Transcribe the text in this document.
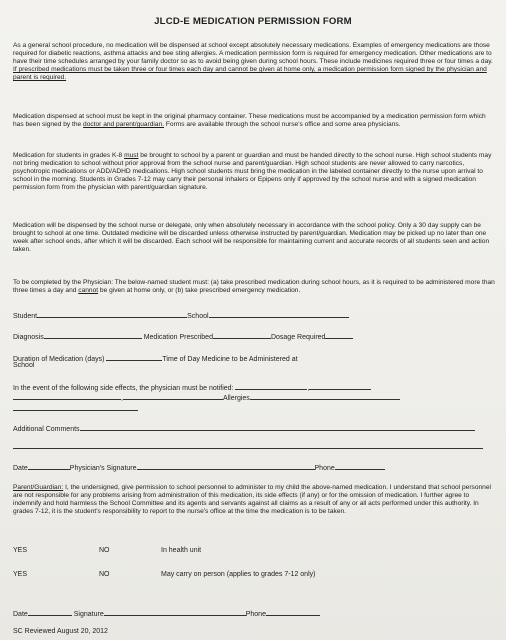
JLCD-E MEDICATION PERMISSION FORM
As a general school procedure, no medication will be dispensed at school except absolutely necessary medications. Examples of emergency medications are those required for diabetic reactions, asthma attacks and bee sting allergies. A medication permission form is required for emergency medication. Other medications are to have their time schedules arranged by your family doctor so as to avoid being given during school hours. These include medicines required three or four times a day. If prescribed medications must be taken three or four times each day and cannot be given at home only, a medication permission form signed by the physician and parent is required.
Medication dispensed at school must be kept in the original pharmacy container. These medications must be accompanied by a medication permission form which has been signed by the doctor and parent/guardian. Forms are available through the school nurse's office and some area physicians.
Medication for students in grades K-8 must be brought to school by a parent or guardian and must be handed directly to the school nurse. High school students may not bring medication to school without prior approval from the school nurse and parent/guardian. High school students are never allowed to carry narcotics, psychotropic medications or ADD/ADHD medications. High school students must bring the medication in the labeled container directly to the nurse upon arrival to school in the morning. Students in Grades 7-12 may carry their personal inhalers or Epipens only if approved by the school nurse and with a signed medication permission form from the physician with parent/guardian signature.
Medication will be dispensed by the school nurse or delegate, only when absolutely necessary in accordance with the school policy. Only a 30 day supply can be brought to school at one time. Outdated medicine will be discarded unless otherwise instructed by parent/guardian. Medication may be picked up no later than one week after school ends, after which it will be discarded. Each school will be responsible for maintaining current and accurate records of all students seen and action taken.
To be completed by the Physician: The below-named student must: (a) take prescribed medication during school hours, as it is required to be administered more than three times a day and cannot be given at home only, or (b) take prescribed emergency medication.
Student	School
Diagnosis	Medication Prescribed	Dosage Required
Duration of Medication (days)	Time of Day Medicine to be Administered at
School
In the event of the following side effects, the physician must be notified:	,
,	Allergies
Additional Comments
Date	Physician's Signature	Phone
Parent/Guardian: I, the undersigned, give permission to school personnel to administer to my child the above-named medication. I understand that school personnel are not responsible for any problems arising from administration of this medication, its side effects (if any) or for the omission of medication. I further agree to indemnify and hold harmless the School Committee and its agents and servants against all claims as a result of any or all acts performed under this authority. In grades 7-12, it is the student's responsibility to report to the nurse's office at the time the medication is to be taken.
YES	NO	In health unit
YES	NO	May carry on person (applies to grades 7-12 only)
Date	Signature	Phone
SC Reviewed August 20, 2012
